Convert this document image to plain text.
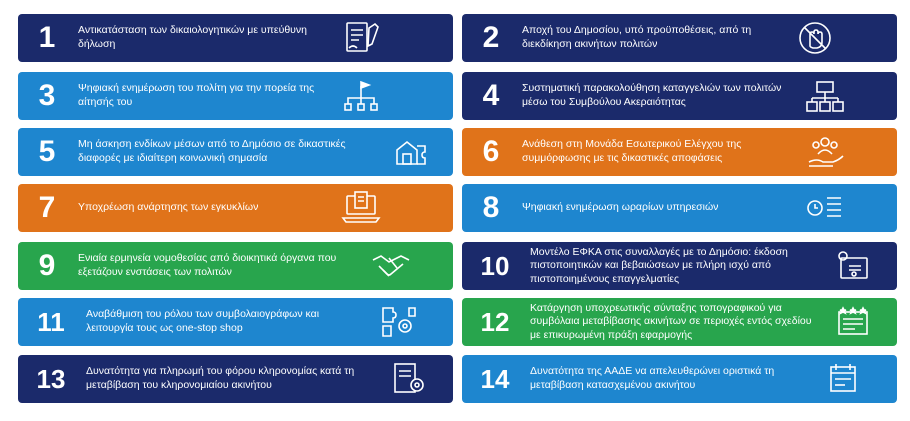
1	Αντικατάσταση των δικαιολογητικών με υπεύθυνη δήλωση	2	Αποχή του Δημοσίου, υπό προϋποθέσεις, από τη διεκδίκηση ακινήτων πολιτών
3	Ψηφιακή ενημέρωση του πολίτη για την πορεία της αίτησής του	4	Συστηματική παρακολούθηση καταγγελιών των πολιτών μέσω του Συμβούλου Ακεραιότητας
5	Μη άσκηση ενδίκων μέσων από το Δημόσιο σε δικαστικές διαφορές με ιδιαίτερη κοινωνική σημασία	6	Ανάθεση στη Μονάδα Εσωτερικού Ελέγχου της συμμόρφωσης με τις δικαστικές αποφάσεις
7	Υποχρέωση ανάρτησης των εγκυκλίων	8	Ψηφιακή ενημέρωση ωραρίων υπηρεσιών
9	Ενιαία ερμηνεία νομοθεσίας από διοικητικά όργανα που εξετάζουν ενστάσεις των πολιτών	10	Μοντέλο ΕΦΚΑ στις συναλλαγές με το Δημόσιο: έκδοση πιστοποιητικών και βεβαιώσεων με πλήρη ισχύ από πιστοποιημένους επαγγελματίες
11	Αναβάθμιση του ρόλου των συμβολαιογράφων και λειτουργία τους ως one-stop shop	12	Κατάργηση υποχρεωτικής σύνταξης τοπογραφικού για συμβόλαια μεταβίβασης ακινήτων σε περιοχές εντός σχεδίου με επικυρωμένη πράξη εφαρμογής
13	Δυνατότητα για πληρωμή του φόρου κληρονομίας κατά τη μεταβίβαση του κληρονομιαίου ακινήτου	14	Δυνατότητα της ΑΑΔΕ να απελευθερώνει οριστικά τη μεταβίβαση κατασχεμένου ακινήτου
